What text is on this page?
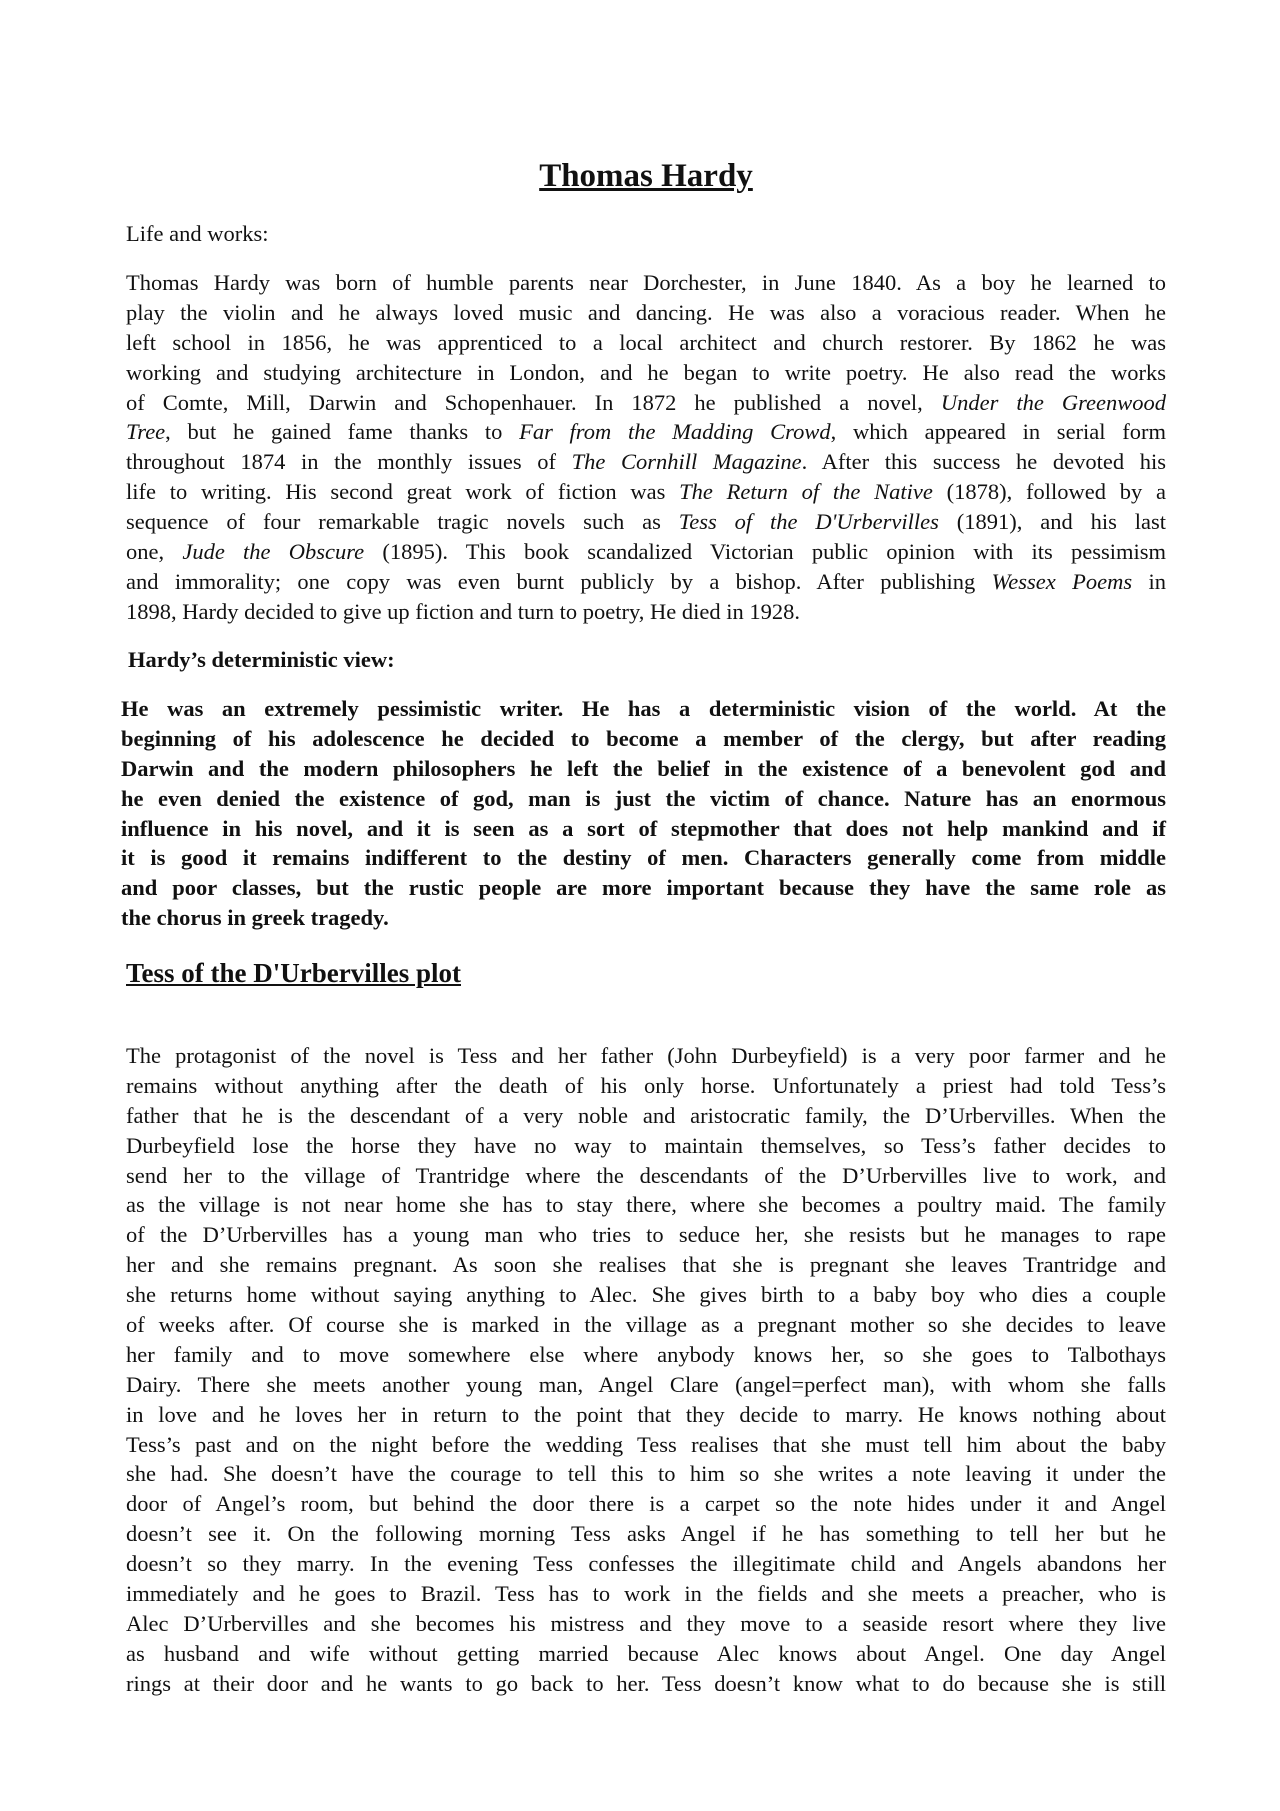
Thomas Hardy
Life and works:
Thomas Hardy was born of humble parents near Dorchester, in June 1840. As a boy he learned to
play the violin and he always loved music and dancing. He was also a voracious reader. When he
left school in 1856, he was apprenticed to a local architect and church restorer. By 1862 he was
working and studying architecture in London, and he began to write poetry. He also read the works
of Comte, Mill, Darwin and Schopenhauer. In 1872 he published a novel, Under the Greenwood
Tree, but he gained fame thanks to Far from the Madding Crowd, which appeared in serial form
throughout 1874 in the monthly issues of The Cornhill Magazine. After this success he devoted his
life to writing. His second great work of fiction was The Return of the Native (1878), followed by a
sequence of four remarkable tragic novels such as Tess of the D'Urbervilles (1891), and his last
one, Jude the Obscure (1895). This book scandalized Victorian public opinion with its pessimism
and immorality; one copy was even burnt publicly by a bishop. After publishing Wessex Poems in
1898, Hardy decided to give up fiction and turn to poetry, He died in 1928.
Hardy’s deterministic view:
He was an extremely pessimistic writer. He has a deterministic vision of the world. At the
beginning of his adolescence he decided to become a member of the clergy, but after reading
Darwin and the modern philosophers he left the belief in the existence of a benevolent god and
he even denied the existence of god, man is just the victim of chance. Nature has an enormous
influence in his novel, and it is seen as a sort of stepmother that does not help mankind and if
it is good it remains indifferent to the destiny of men. Characters generally come from middle
and poor classes, but the rustic people are more important because they have the same role as
the chorus in greek tragedy.
Tess of the D'Urbervilles plot
The protagonist of the novel is Tess and her father (John Durbeyfield) is a very poor farmer and he
remains without anything after the death of his only horse. Unfortunately a priest had told Tess’s
father that he is the descendant of a very noble and aristocratic family, the D’Urbervilles. When the
Durbeyfield lose the horse they have no way to maintain themselves, so Tess’s father decides to
send her to the village of Trantridge where the descendants of the D’Urbervilles live to work, and
as the village is not near home she has to stay there, where she becomes a poultry maid. The family
of the D’Urbervilles has a young man who tries to seduce her, she resists but he manages to rape
her and she remains pregnant. As soon she realises that she is pregnant she leaves Trantridge and
she returns home without saying anything to Alec. She gives birth to a baby boy who dies a couple
of weeks after. Of course she is marked in the village as a pregnant mother so she decides to leave
her family and to move somewhere else where anybody knows her, so she goes to Talbothays
Dairy. There she meets another young man, Angel Clare (angel=perfect man), with whom she falls
in love and he loves her in return to the point that they decide to marry. He knows nothing about
Tess’s past and on the night before the wedding Tess realises that she must tell him about the baby
she had. She doesn’t have the courage to tell this to him so she writes a note leaving it under the
door of Angel’s room, but behind the door there is a carpet so the note hides under it and Angel
doesn’t see it. On the following morning Tess asks Angel if he has something to tell her but he
doesn’t so they marry. In the evening Tess confesses the illegitimate child and Angels abandons her
immediately and he goes to Brazil. Tess has to work in the fields and she meets a preacher, who is
Alec D’Urbervilles and she becomes his mistress and they move to a seaside resort where they live
as husband and wife without getting married because Alec knows about Angel. One day Angel
rings at their door and he wants to go back to her. Tess doesn’t know what to do because she is still
